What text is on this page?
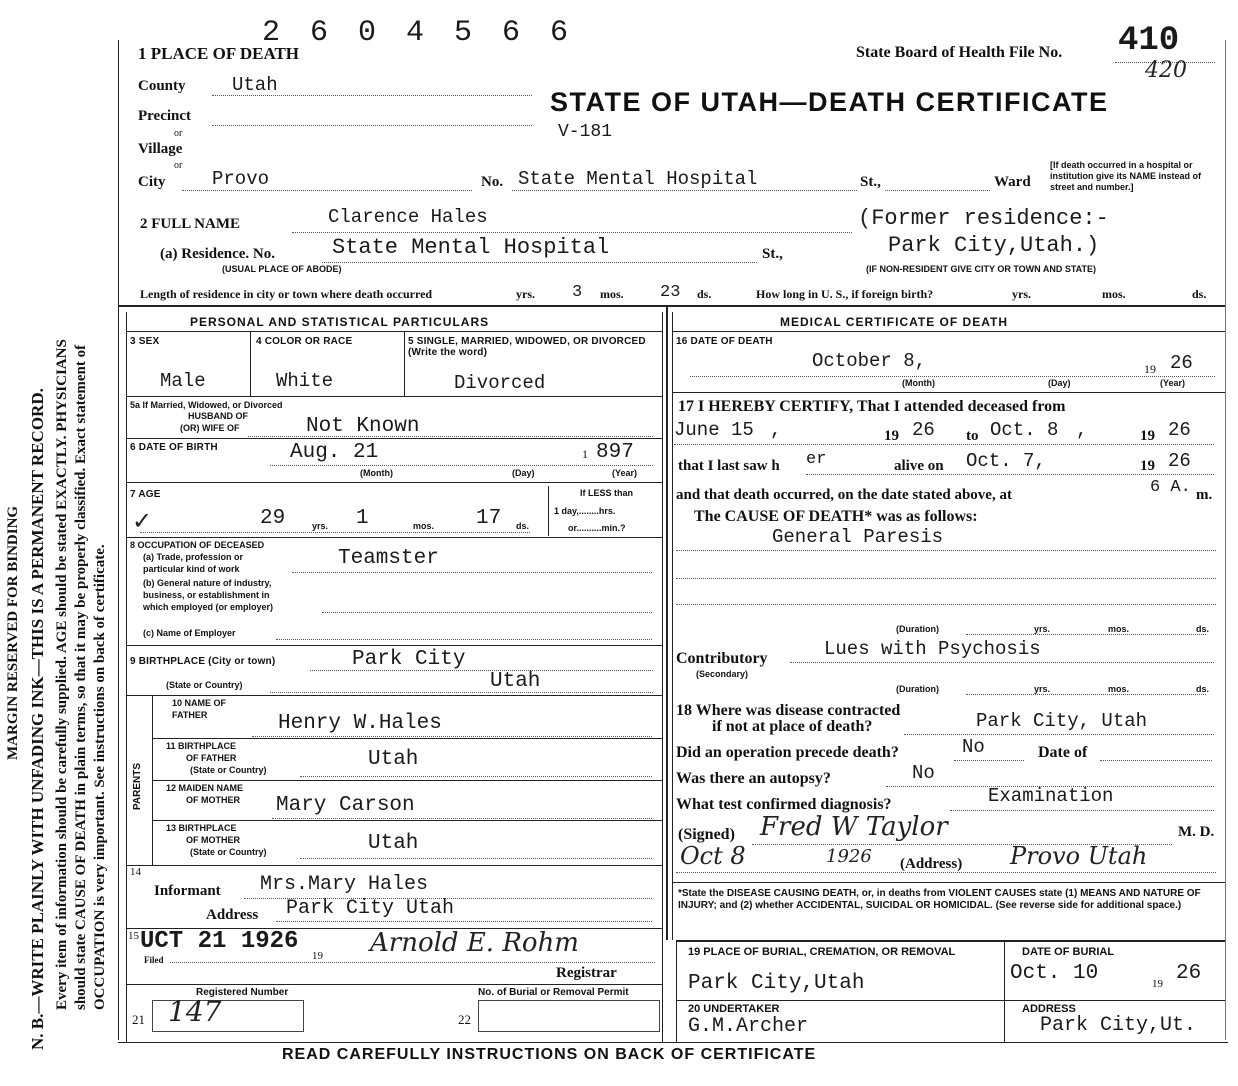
N. B.—WRITE PLAINLY WITH UNFADING INK—THIS IS A PERMANENT RECORD.
MARGIN RESERVED FOR BINDING Every item of information should be carefully supplied. AGE should be stated EXACTLY. PHYSICIANS should state CAUSE OF DEATH in plain terms, so that it may be properly classified. Exact statement of OCCUPATION is very important. See instructions on back of certificate.
2 6 0 4 5 6 6
1 PLACE OF DEATH	State Board of Health File No. 410
420
STATE OF UTAH—DEATH CERTIFICATE
V-181
County Utah
Precinct
or
Village
or
City Provo	No. State Mental Hospital	St.,	Ward
[If death occurred in a hospital or institution give its NAME instead of street and number.]
2 FULL NAME	Clarence Hales	(Former residence:-
Park City,Utah.)
(a) Residence. No.	State Mental Hospital	St.,
(USUAL PLACE OF ABODE)	(IF NON-RESIDENT GIVE CITY OR TOWN AND STATE)
Length of residence in city or town where death occurred	yrs. 3 mos. 23 ds.	How long in U. S., if foreign birth?	yrs.	mos.	ds.
PERSONAL AND STATISTICAL PARTICULARS
3 SEX	4 COLOR OR RACE	5 SINGLE, MARRIED, WIDOWED, OR DIVORCED (Write the word)
Male	White	Divorced
5a If Married, Widowed, or Divorced
HUSBAND OF
(OR) WIFE OF	Not Known
6 DATE OF BIRTH	Aug. 21	1 897
(Month)	(Day)	(Year)
7 AGE
✓	29	yrs. 1	mos. 17 ds.
If LESS than
1 day,........hrs.
or..........min.?
8 OCCUPATION OF DECEASED
(a) Trade, profession or
particular kind of work
(b) General nature of industry,
business, or establishment in
which employed (or employer)
Teamster
(c) Name of Employer
9 BIRTHPLACE (City or town)	Park City
(State or Country)	Utah
PARENTS
10 NAME OF
FATHER	Henry W.Hales
11 BIRTHPLACE
OF FATHER
(State or Country)	Utah
12 MAIDEN NAME
OF MOTHER Mary Carson
13 BIRTHPLACE
OF MOTHER
(State or Country)	Utah
14
Informant Mrs.Mary Hales
Address Park City Utah
15
Filed
UCT 21 1926
19 Arnold E. Rohm
Registrar
Registered Number	No. of Burial or Removal Permit
21 147	22
MEDICAL CERTIFICATE OF DEATH
16 DATE OF DEATH
October 8,	19 26
(Month)	(Day)	(Year)
17 I HEREBY CERTIFY, That I attended deceased from
June 15 ,	19 26 to Oct. 8 ,	19 26
that I last saw h er	alive on Oct. 7,	19 26
and that death occurred, on the date stated above, at	6 A. m.
The CAUSE OF DEATH* was as follows:
General Paresis
(Duration)	yrs.	mos.	ds.
Contributory
(Secondary)
Lues with Psychosis
(Duration)	yrs.	mos.	ds.
18 Where was disease contracted
if not at place of death?	Park City, Utah
Did an operation precede death?	No	Date of
Was there an autopsy?	No
What test confirmed diagnosis?	Examination
(Signed) Fred W Taylor	M. D.
Oct 8	1926 (Address) Provo Utah
*State the DISEASE CAUSING DEATH, or, in deaths from VIOLENT CAUSES state (1) MEANS AND NATURE OF INJURY; and (2) whether ACCIDENTAL, SUICIDAL OR HOMICIDAL. (See reverse side for additional space.)
19 PLACE OF BURIAL, CREMATION, OR REMOVAL
Park City,Utah
DATE OF BURIAL
Oct. 10	19 26
20 UNDERTAKER
G.M.Archer
ADDRESS
Park City,Ut.
READ CAREFULLY INSTRUCTIONS ON BACK OF CERTIFICATE
